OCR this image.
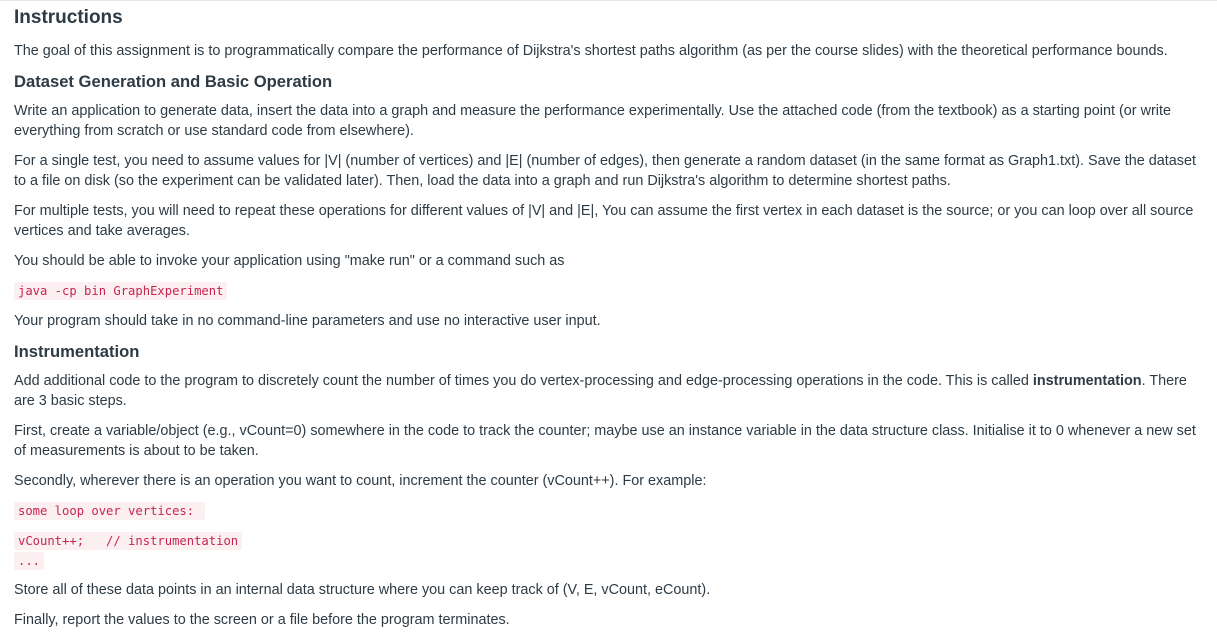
Instructions

The goal of this assignment is to programmatically compare the performance of Dijkstra's shortest paths algorithm (as per the course slides) with the theoretical performance bounds.

Dataset Generation and Basic Operation

Write an application to generate data, insert the data into a graph and measure the performance experimentally. Use the attached code (from the textbook) as a starting point (or write everything from scratch or use standard code from elsewhere).

For a single test, you need to assume values for |V| (number of vertices) and |E| (number of edges), then generate a random dataset (in the same format as Graph1.txt). Save the dataset to a file on disk (so the experiment can be validated later). Then, load the data into a graph and run Dijkstra's algorithm to determine shortest paths.

For multiple tests, you will need to repeat these operations for different values of |V| and |E|, You can assume the first vertex in each dataset is the source; or you can loop over all source vertices and take averages.

You should be able to invoke your application using "make run" or a command such as

java -cp bin GraphExperiment

Your program should take in no command-line parameters and use no interactive user input.

Instrumentation

Add additional code to the program to discretely count the number of times you do vertex-processing and edge-processing operations in the code. This is called instrumentation. There are 3 basic steps.

First, create a variable/object (e.g., vCount=0) somewhere in the code to track the counter; maybe use an instance variable in the data structure class. Initialise it to 0 whenever a new set of measurements is about to be taken.

Secondly, wherever there is an operation you want to count, increment the counter (vCount++). For example:

some loop over vertices:
vCount++;   // instrumentation
...

Store all of these data points in an internal data structure where you can keep track of (V, E, vCount, eCount).

Finally, report the values to the screen or a file before the program terminates.
